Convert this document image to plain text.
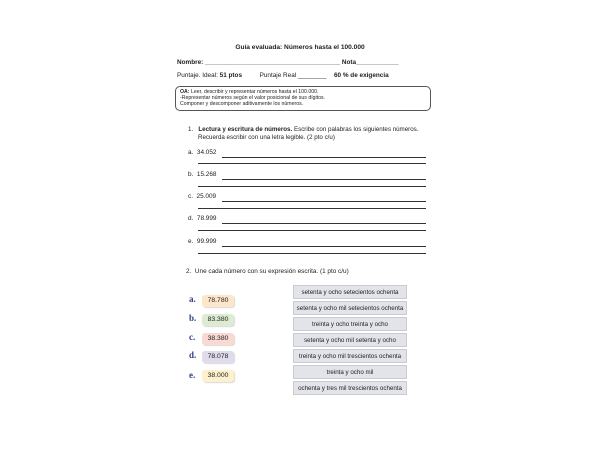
Guía evaluada: Números hasta el 100.000
Nombre: ______________________________________ Nota____________
Puntaje. Ideal: 51 ptos	Puntaje Real ________ 60 % de exigencia
OA: Leer, describir y representar números hasta el 100.000.
-Representar números según el valor posicional de sus dígitos.
Componer y descomponer aditivamente los números.
1. Lectura y escritura de números. Escribe con palabras los siguientes números.
Recuerda escribir con una letra legible. (2 pto c/u)
a. 34.052
b. 15.268
c. 25.009
d. 78.999
e. 99.999
2. Une cada número con su expresión escrita. (1 pto c/u)
a.	78.780
b.	83.380
c.	38.380
d.	78.078
e.	38.000
setenta y ocho setecientos ochenta
setenta y ocho mil setecientos ochenta
treinta y ocho treinta y ocho
setenta y ocho mil setenta y ocho
treinta y ocho mil trescientos ochenta
treinta y ocho mil
ochenta y tres mil trescientos ochenta
